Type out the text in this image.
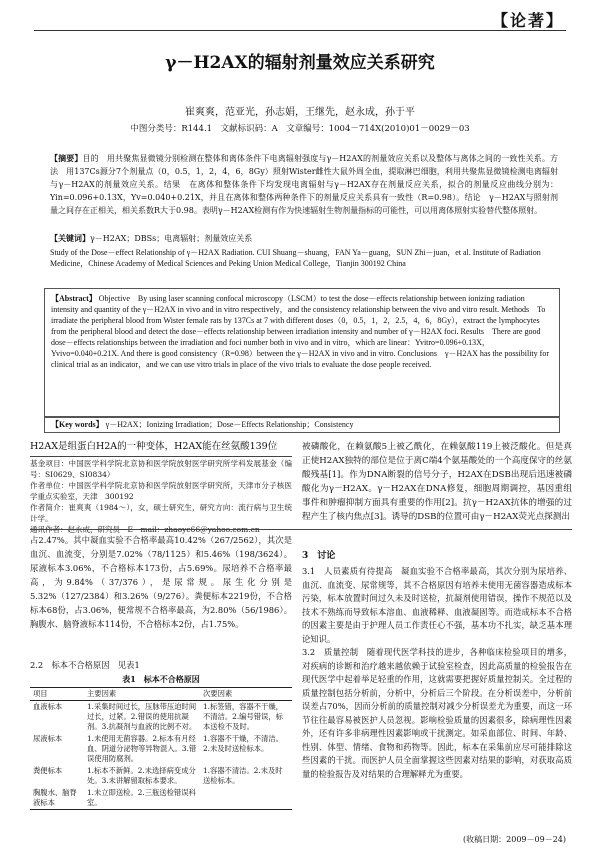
【论著】
γ－H2AX的辐射剂量效应关系研究
崔爽爽，范亚光，孙志娟，王继先，赵永成，孙于平
中图分类号：R144.1　文献标识码：A　文章编号：1004－714X(2010)01－0029－03
【摘要】目的　用共聚焦显微镜分别检测在整体和离体条件下电离辐射强度与γ－H2AX的剂量效应关系以及整体与离体之间的一致性关系。方法　用137Cs源分7个剂量点（0，0.5，1，2，4，6，8Gy）照射Wister雌性大鼠外周全血，提取淋巴细胞，利用共聚焦显微镜检测电离辐射与γ－H2AX的剂量效应关系。结果　在离体和整体条件下均发现电离辐射与γ－H2AX存在剂量反应关系，拟合的剂量反应曲线分别为：Yin=0.096+0.13X，Yv=0.040+0.21X，并且在离体和整体两种条件下的剂量反应关系具有一致性（R=0.98）。结论　γ－H2AX与照射剂量之间存在正相关，相关系数R大于0.98。表明γ－H2AX检测有作为快速辐射生物剂量指标的可能性，可以用离体照射实验替代整体照射。
【关键词】γ－H2AX；DBSs；电离辐射；剂量效应关系
Study of the Dose－effect Relationship of γ－H2AX Radiation. CUI Shuang－shuang，FAN Ya－guang，SUN Zhi－juan，et al. Institute of Radiation Medicine，Chinese Academy of Medical Sciences and Peking Union Medical College，Tianjin 300192 China
【Abstract】 Objective　By using laser scanning confocal microscopy（LSCM）to test the dose－effects relationship between ionizing radiation intensity and quantity of the γ－H2AX in vivo and in vitro respectively，and the consistency relationship between the vivo and vitro result. Methods　To irradiate the peripheral blood from Wister female rats by 137Cs at 7 with different doses（0，0.5，1，2，2.5，4，6，8Gy），extract the lymphocytes from the peripheral blood and detect the dose－effects relationship between irradiation intensity and number of γ－H2AX foci. Results　There are good dose－effects relationships between the irradiation and foci number both in vivo and in vitro，which are linear：Yvitro=0.096+0.13X，Yvivo=0.040+0.21X. And there is good consistency（R=0.98）between the γ－H2AX in vivo and in vitro. Conclusions　γ－H2AX has the possibility for clinical trial as an indicator，and we can use vitro trials in place of the vivo trials to evaluate the dose people received.
【Key words】 γ－H2AX；Ionizing Irradiation；Dose－Effects Relationship；Consistency
H2AX是组蛋白H2A的一种变体，H2AX能在丝氨酸139位	被磷酸化，在赖氨酸5上被乙酰化，在赖氨酸119上被泛酸化。但是真正使H2AX独特的部位是位于离C端4个氨基酸处的一个高度保守的丝氨酸残基[1]。作为DNA断裂的信号分子，H2AX在DSB出现后迅速被磷酸化为γ－H2AX。γ－H2AX在DNA修复，细胞周期调控，基因重组事件和肿瘤抑制方面具有重要的作用[2]。抗γ－H2AX抗体的增强的过程产生了核内焦点[3]。诱导的DSB的位置可由γ－H2AX荧光点探测出
基金项目：中国医学科学院北京协和医学院放射医学研究所学科发展基金（编号：SI0629、SI0834）
作者单位：中国医学科学院北京协和医学院放射医学研究所，天津市分子核医学重点实验室，天津　300192
作者简介：崔爽爽（1984～），女，硕士研究生，研究方向：流行病与卫生统计学。
通讯作者：赵永成，研究员　E－mail：zhaoyc66＠yahoo.com.cn
占2.47%。其中凝血实验不合格率最高10.42%（267/2562），其次是血沉、血流变，分别是7.02%（78/1125）和5.46%（198/3624）。尿液标本3.06%，不合格标本173份，占5.69%。尿培养不合格率最高，为9.84%（37/376），是尿常规。尿生化分别是5.32%（127/2384）和3.26%（9/276）。粪便标本2219份，不合格标本68份，占3.06%，便常规不合格率最高，为2.80%（56/1986）。胸腹水、脑脊液标本114份，不合格标本2份，占1.75%。
2.2　标本不合格原因　见表1
表1　标本不合格原因
项目	主要因素	次要因素
血液标本	1.采集时间过长，压脉带压迫时间过长，过紧。2.错误的使用抗凝剂。3.抗凝剂与血液的比例不对。	1.标签错，容器不干燥，不清洁。2.编号错误，标本送检不及时。
尿液标本	1.未使用无菌容器。2.标本有月经血、阴道分泌物等异物混入。3.错误使用防腐剂。	1.容器不干燥，不清洁。2.未及时送检标本。
粪便标本	1.标本不新鲜。2.未选择病变成分处。3.未讲解留取标本要求。	1.容器不清洁。2.未及时送检标本。
胸腹水、脑脊液标本	1.未立即送检。2.三瓶送检错误科室。	
3　讨论
3.1　人员素质有待提高　凝血实验不合格率最高，其次分别为尿培养、血沉、血流变、尿常规等，其不合格原因有培养未使用无菌容器造成标本污染，标本放置时间过久未及时送检，抗凝剂使用错误，操作不规范以及技术不熟练而导致标本溶血、血液稀释、血液凝固等。而造成标本不合格的因素主要是由于护理人员工作责任心不强，基本功不扎实，缺乏基本理论知识。
3.2　质量控制　随着现代医学科技的进步，各种临床检验项目的增多，对疾病的诊断和治疗越来越依赖于试验室检查，因此高质量的检验报告在现代医学中起着举足轻重的作用，这就需要把握好质量控制关。全过程的质量控制包括分析前，分析中，分析后三个阶段。在分析误差中，分析前误差占70%，因而分析前的质量控制对减少分析误差尤为重要，而这一环节往往最容易被医护人员忽视。影响检验质量的因素很多，除病理性因素外，还有许多非病理性因素影响或干扰测定。如采血部位、时间、年龄、性别、体型、情绪、食物和药物等。因此，标本在采集前应尽可能排除这些因素的干扰。而医护人员全面掌握这些因素对结果的影响，对获取高质量的检验报告及对结果的合理解释尤为重要。
(收稿日期：2009－09－24)
